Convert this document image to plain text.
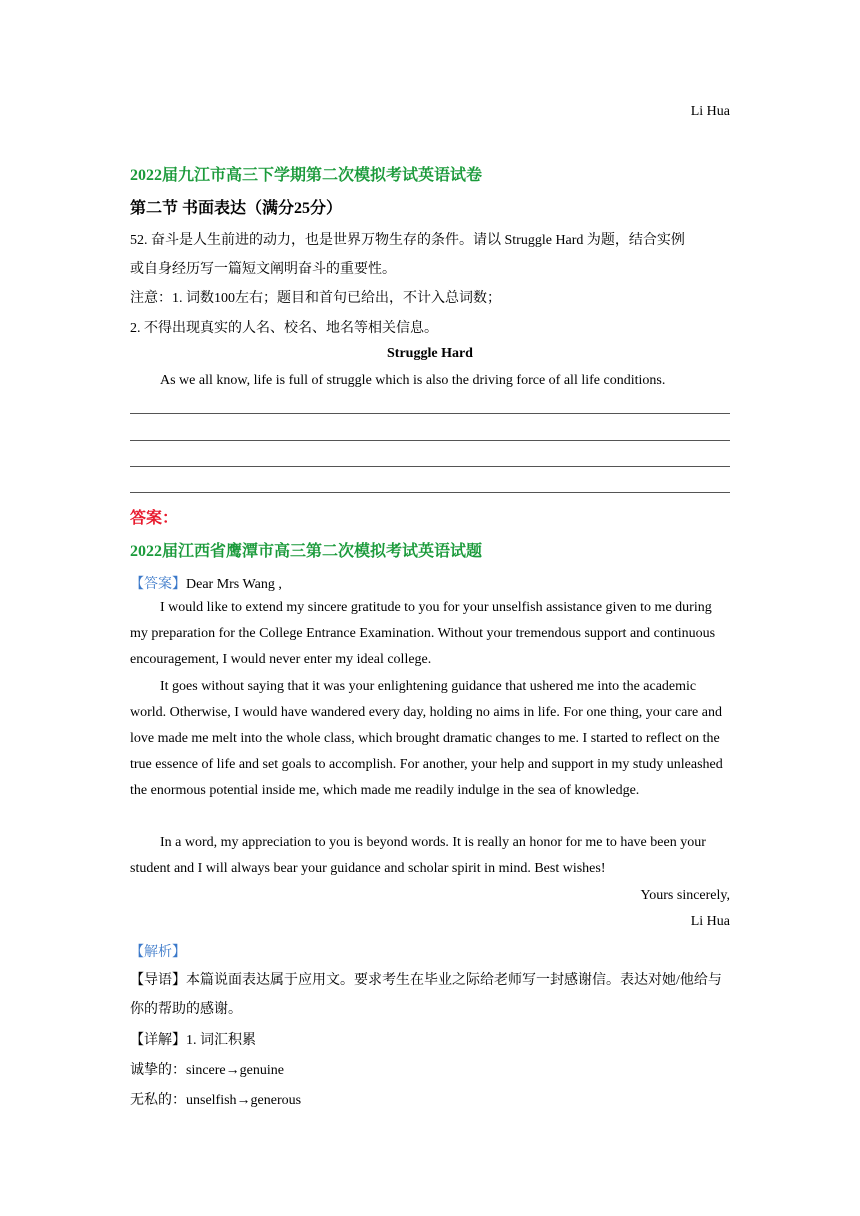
Li Hua
2022届九江市高三下学期第二次模拟考试英语试卷
第二节 书面表达（满分25分）
52. 奋斗是人生前进的动力，也是世界万物生存的条件。请以 Struggle Hard 为题，结合实例
或自身经历写一篇短文阐明奋斗的重要性。
注意：1. 词数100左右；题目和首句已给出，不计入总词数；
2. 不得出现真实的人名、校名、地名等相关信息。
Struggle Hard
As we all know, life is full of struggle which is also the driving force of all life conditions.
答案：
2022届江西省鹰潭市高三第二次模拟考试英语试题
【答案】Dear Mrs Wang ,
I would like to extend my sincere gratitude to you for your unselfish assistance given to me during my preparation for the College Entrance Examination. Without your tremendous support and continuous encouragement, I would never enter my ideal college.
It goes without saying that it was your enlightening guidance that ushered me into the academic world. Otherwise, I would have wandered every day, holding no aims in life. For one thing, your care and love made me melt into the whole class, which brought dramatic changes to me. I started to reflect on the true essence of life and set goals to accomplish. For another, your help and support in my study unleashed the enormous potential inside me, which made me readily indulge in the sea of knowledge.
In a word, my appreciation to you is beyond words. It is really an honor for me to have been your student and I will always bear your guidance and scholar spirit in mind. Best wishes!
Yours sincerely,
Li Hua
【解析】
【导语】本篇说面表达属于应用文。要求考生在毕业之际给老师写一封感谢信。表达对她/他给与你的帮助的感谢。
【详解】1. 词汇积累
诚挚的：sincere→genuine
无私的：unselfish→generous
